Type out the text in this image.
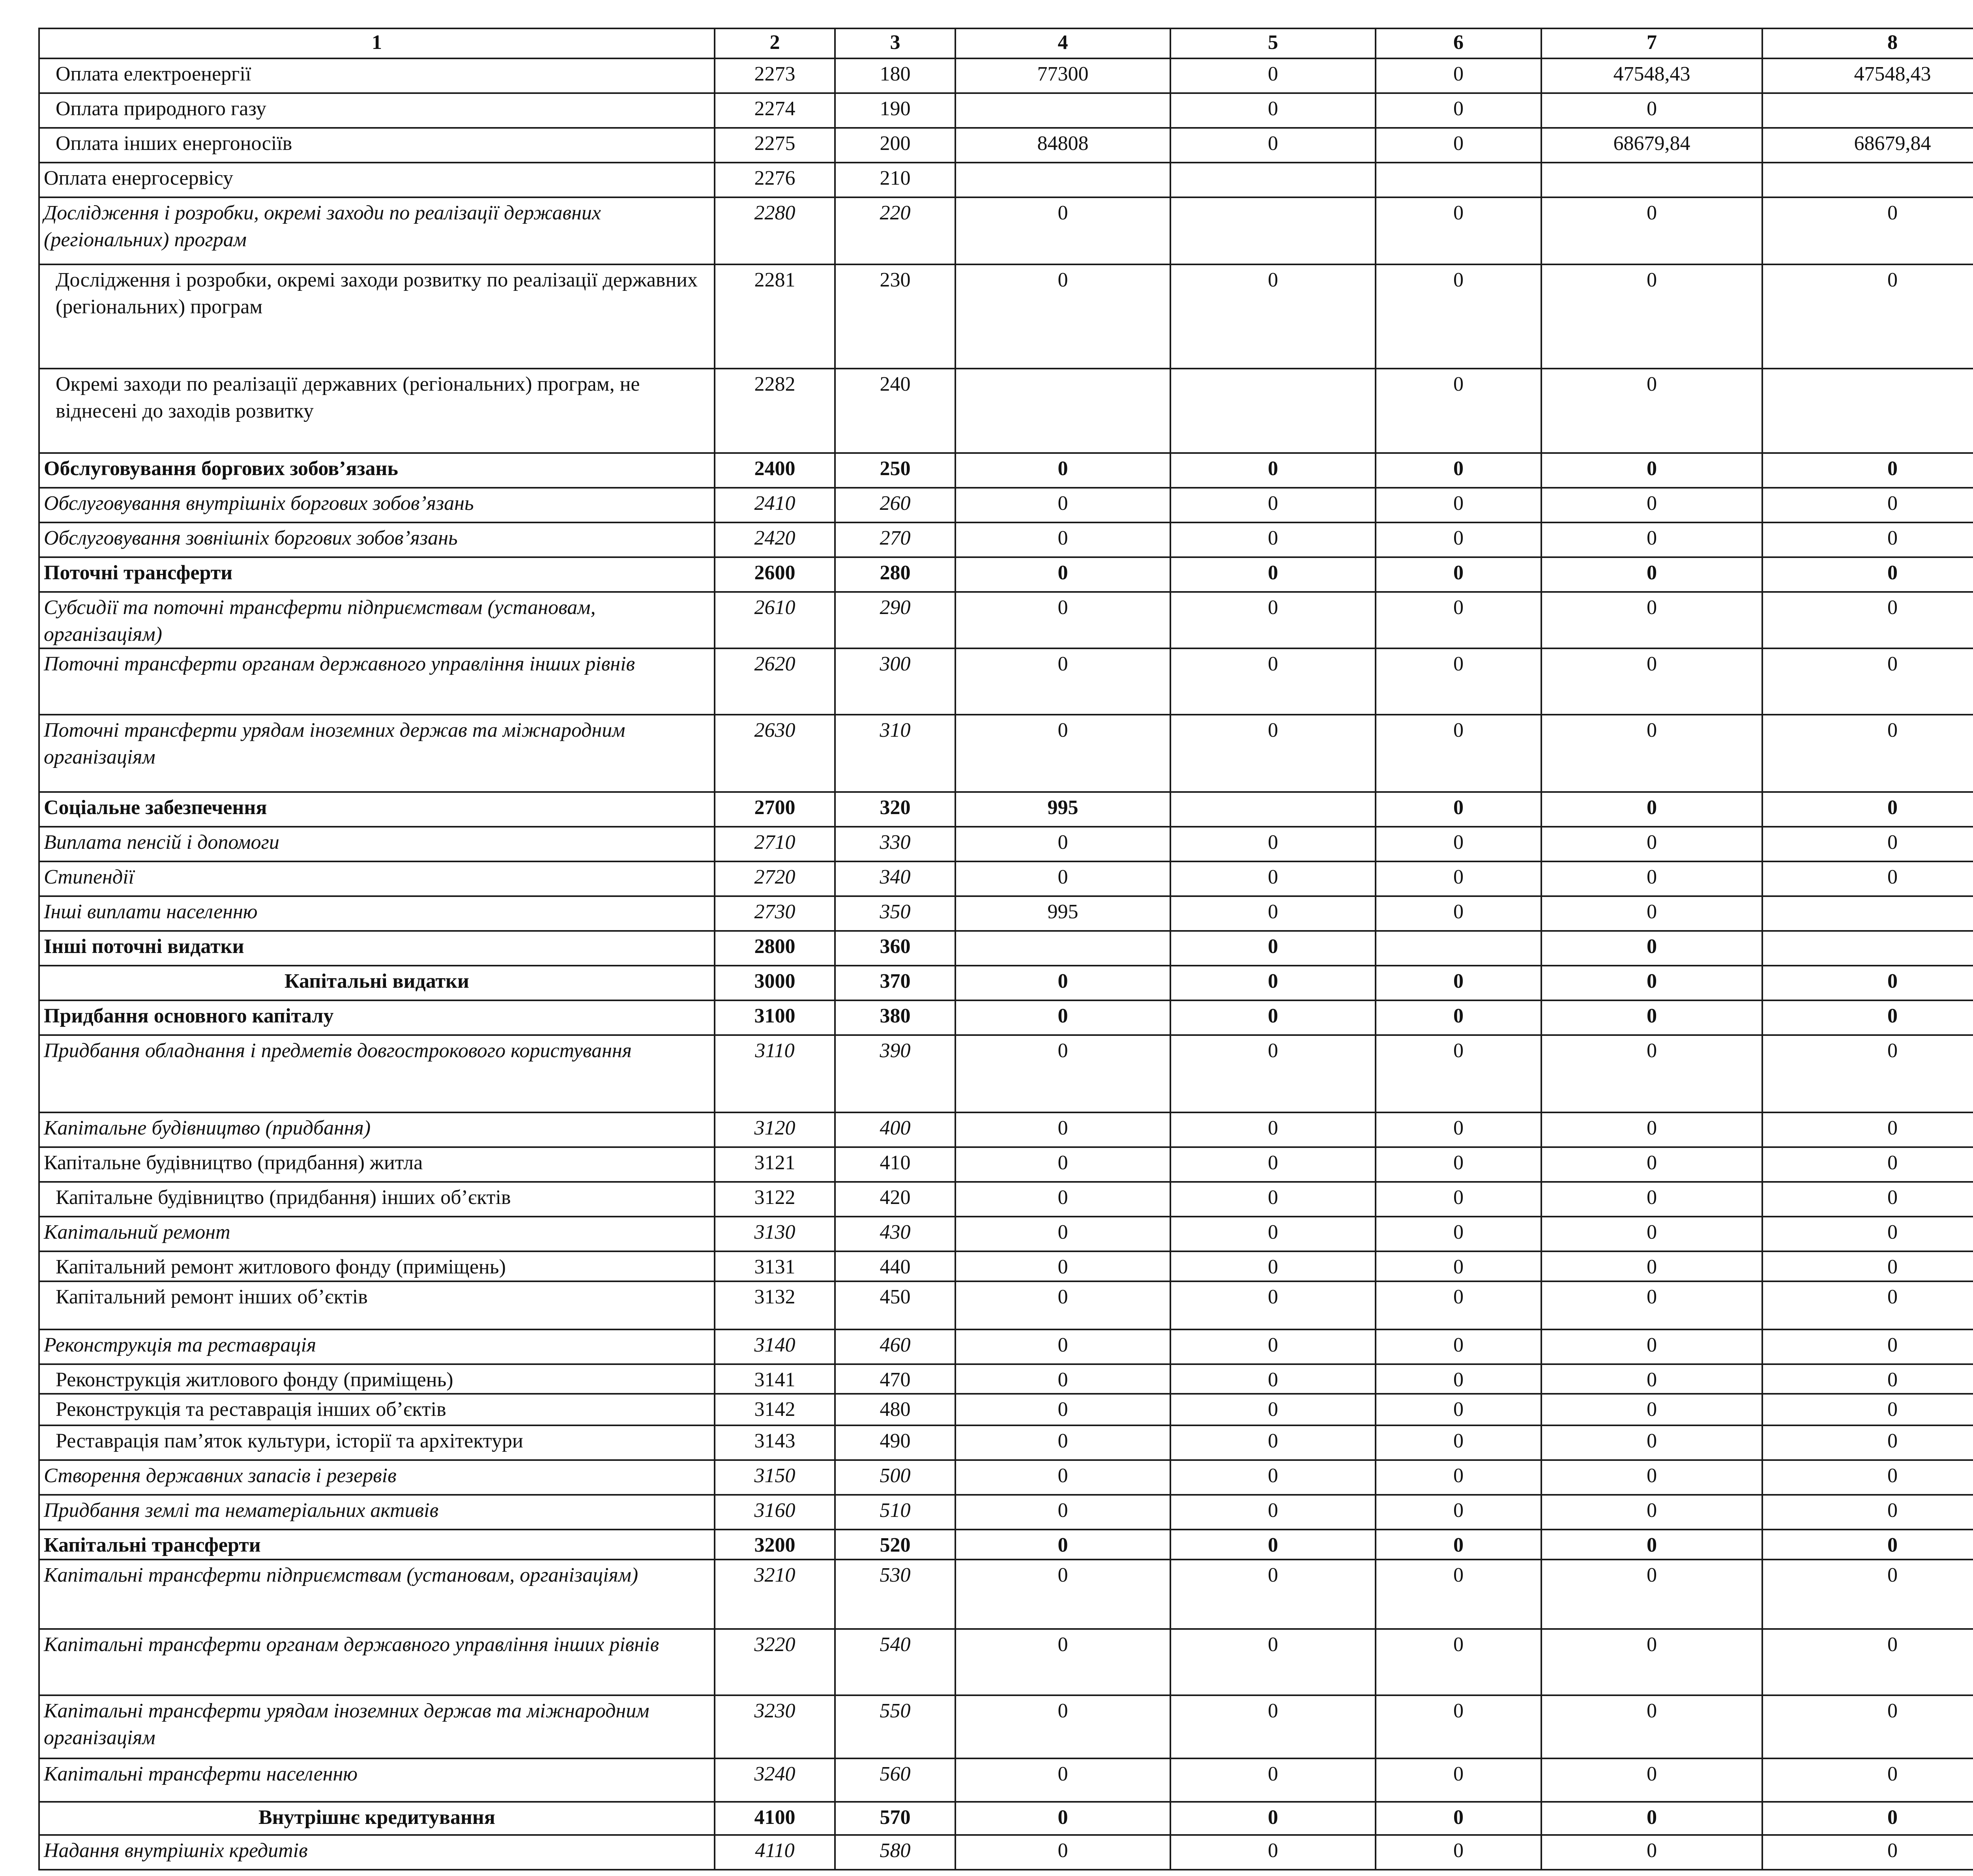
1	2	3	4	5	6	7	8	
Оплата електроенергії	2273	180	77300	0	0	47548,43	47548,43	
Оплата природного газу	2274	190		0	0	0		
Оплата інших енергоносіїв	2275	200	84808	0	0	68679,84	68679,84	
Оплата енергосервісу	2276	210						
Дослідження і розробки, окремі заходи по реалізації державних (регіональних) програм	2280	220	0		0	0	0	
Дослідження і розробки, окремі заходи розвитку по реалізації державних (регіональних) програм	2281	230	0	0	0	0	0	
Окремі заходи по реалізації державних (регіональних) програм, не віднесені до заходів розвитку	2282	240			0	0		
Обслуговування боргових зобов’язань	2400	250	0	0	0	0	0	
Обслуговування внутрішніх боргових зобов’язань	2410	260	0	0	0	0	0	
Обслуговування зовнішніх боргових зобов’язань	2420	270	0	0	0	0	0	
Поточні трансферти	2600	280	0	0	0	0	0	
Субсидії та поточні трансферти підприємствам (установам, організаціям)	2610	290	0	0	0	0	0	
Поточні трансферти органам державного управління інших рівнів	2620	300	0	0	0	0	0	
Поточні трансферти урядам іноземних держав та міжнародним організаціям	2630	310	0	0	0	0	0	
Соціальне забезпечення	2700	320	995		0	0	0	
Виплата пенсій і допомоги	2710	330	0	0	0	0	0	
Стипендії	2720	340	0	0	0	0	0	
Інші виплати населенню	2730	350	995	0	0	0		
Інші поточні видатки	2800	360		0		0		
Капітальні видатки	3000	370	0	0	0	0	0	
Придбання основного капіталу	3100	380	0	0	0	0	0	
Придбання обладнання і предметів довгострокового користування	3110	390	0	0	0	0	0	
Капітальне будівництво (придбання)	3120	400	0	0	0	0	0	
Капітальне будівництво (придбання) житла	3121	410	0	0	0	0	0	
Капітальне будівництво (придбання) інших об’єктів	3122	420	0	0	0	0	0	
Капітальний ремонт	3130	430	0	0	0	0	0	
Капітальний ремонт житлового фонду (приміщень)	3131	440	0	0	0	0	0	
Капітальний ремонт інших об’єктів	3132	450	0	0	0	0	0	
Реконструкція та реставрація	3140	460	0	0	0	0	0	
Реконструкція житлового фонду (приміщень)	3141	470	0	0	0	0	0	
Реконструкція та реставрація інших об’єктів	3142	480	0	0	0	0	0	
Реставрація пам’яток культури, історії та архітектури	3143	490	0	0	0	0	0	
Створення державних запасів і резервів	3150	500	0	0	0	0	0	
Придбання землі та нематеріальних активів	3160	510	0	0	0	0	0	
Капітальні трансферти	3200	520	0	0	0	0	0	
Капітальні трансферти підприємствам (установам, організаціям)	3210	530	0	0	0	0	0	
Капітальні трансферти органам державного управління інших рівнів	3220	540	0	0	0	0	0	
Капітальні трансферти урядам іноземних держав та міжнародним організаціям	3230	550	0	0	0	0	0	
Капітальні трансферти населенню	3240	560	0	0	0	0	0	
Внутрішнє кредитування	4100	570	0	0	0	0	0	
Надання внутрішніх кредитів	4110	580	0	0	0	0	0	
